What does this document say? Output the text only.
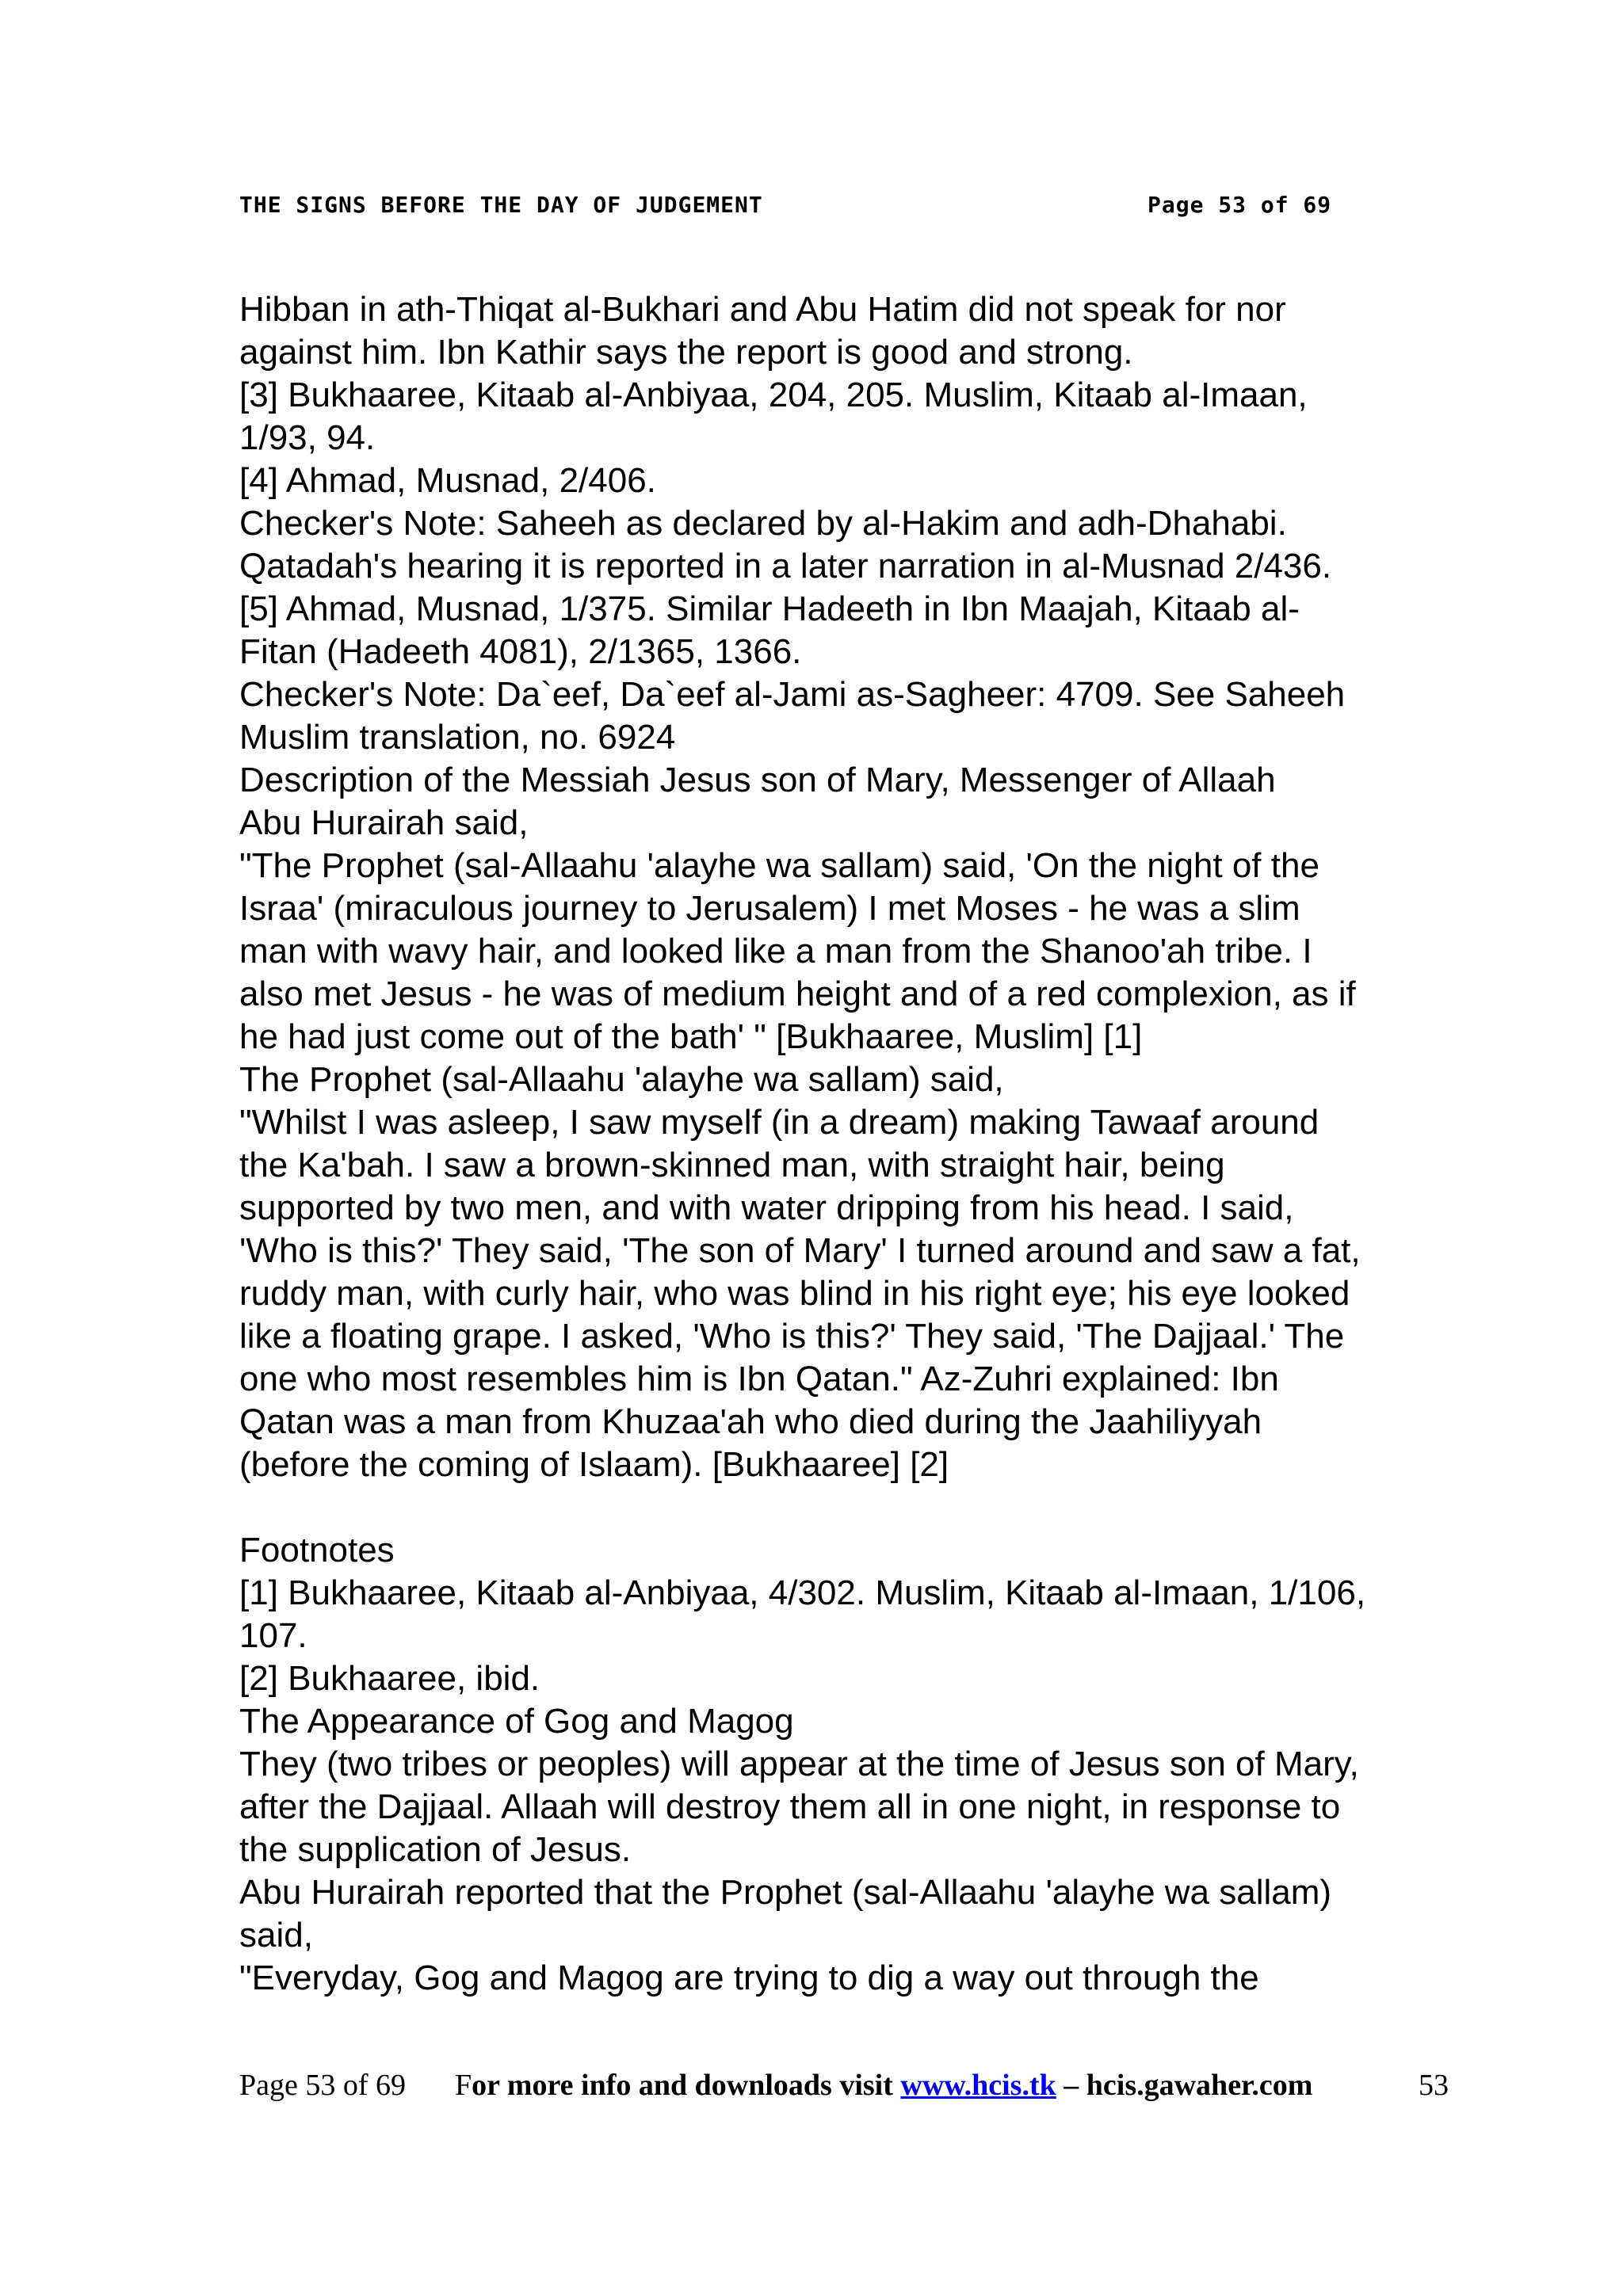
THE SIGNS BEFORE THE DAY OF JUDGEMENT	Page 53 of 69
Hibban in ath-Thiqat al-Bukhari and Abu Hatim did not speak for nor
against him. Ibn Kathir says the report is good and strong.
[3] Bukhaaree, Kitaab al-Anbiyaa, 204, 205. Muslim, Kitaab al-Imaan,
1/93, 94.
[4] Ahmad, Musnad, 2/406.
Checker's Note: Saheeh as declared by al-Hakim and adh-Dhahabi.
Qatadah's hearing it is reported in a later narration in al-Musnad 2/436.
[5] Ahmad, Musnad, 1/375. Similar Hadeeth in Ibn Maajah, Kitaab al-
Fitan (Hadeeth 4081), 2/1365, 1366.
Checker's Note: Da`eef, Da`eef al-Jami as-Sagheer: 4709. See Saheeh
Muslim translation, no. 6924
Description of the Messiah Jesus son of Mary, Messenger of Allaah
Abu Hurairah said,
"The Prophet (sal-Allaahu 'alayhe wa sallam) said, 'On the night of the
Israa' (miraculous journey to Jerusalem) I met Moses - he was a slim
man with wavy hair, and looked like a man from the Shanoo'ah tribe. I
also met Jesus - he was of medium height and of a red complexion, as if
he had just come out of the bath' " [Bukhaaree, Muslim] [1]
The Prophet (sal-Allaahu 'alayhe wa sallam) said,
"Whilst I was asleep, I saw myself (in a dream) making Tawaaf around
the Ka'bah. I saw a brown-skinned man, with straight hair, being
supported by two men, and with water dripping from his head. I said,
'Who is this?' They said, 'The son of Mary' I turned around and saw a fat,
ruddy man, with curly hair, who was blind in his right eye; his eye looked
like a floating grape. I asked, 'Who is this?' They said, 'The Dajjaal.' The
one who most resembles him is Ibn Qatan." Az-Zuhri explained: Ibn
Qatan was a man from Khuzaa'ah who died during the Jaahiliyyah
(before the coming of Islaam). [Bukhaaree] [2]
Footnotes
[1] Bukhaaree, Kitaab al-Anbiyaa, 4/302. Muslim, Kitaab al-Imaan, 1/106,
107.
[2] Bukhaaree, ibid.
The Appearance of Gog and Magog
They (two tribes or peoples) will appear at the time of Jesus son of Mary,
after the Dajjaal. Allaah will destroy them all in one night, in response to
the supplication of Jesus.
Abu Hurairah reported that the Prophet (sal-Allaahu 'alayhe wa sallam)
said,
"Everyday, Gog and Magog are trying to dig a way out through the
Page 53 of 69 For more info and downloads visit www.hcis.tk – hcis.gawaher.com	53
